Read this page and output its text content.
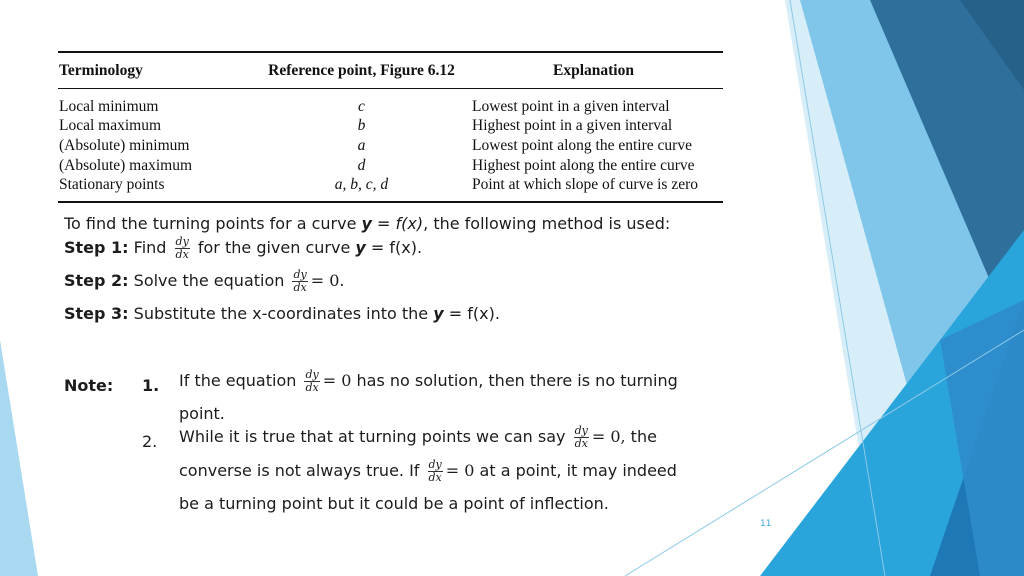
Terminology	Reference point, Figure 6.12	Explanation
Local minimum	c	Lowest point in a given interval
Local maximum	b	Highest point in a given interval
(Absolute) minimum	a	Lowest point along the entire curve
(Absolute) maximum	d	Highest point along the entire curve
Stationary points	a, b, c, d	Point at which slope of curve is zero
To find the turning points for a curve y = f(x), the following method is used:
Step 1: Find $\frac{dy}{dx}$ for the given curve y = f(x).
Step 2: Solve the equation $\frac{dy}{dx} = 0$.
Step 3: Substitute the x-coordinates into the y = f(x).
Note: 1. If the equation $\frac{dy}{dx} = 0$ has no solution, then there is no turning
point.
2. While it is true that at turning points we can say $\frac{dy}{dx} = 0$, the
converse is not always true. If $\frac{dy}{dx} = 0$ at a point, it may indeed
be a turning point but it could be a point of inflection.
11
